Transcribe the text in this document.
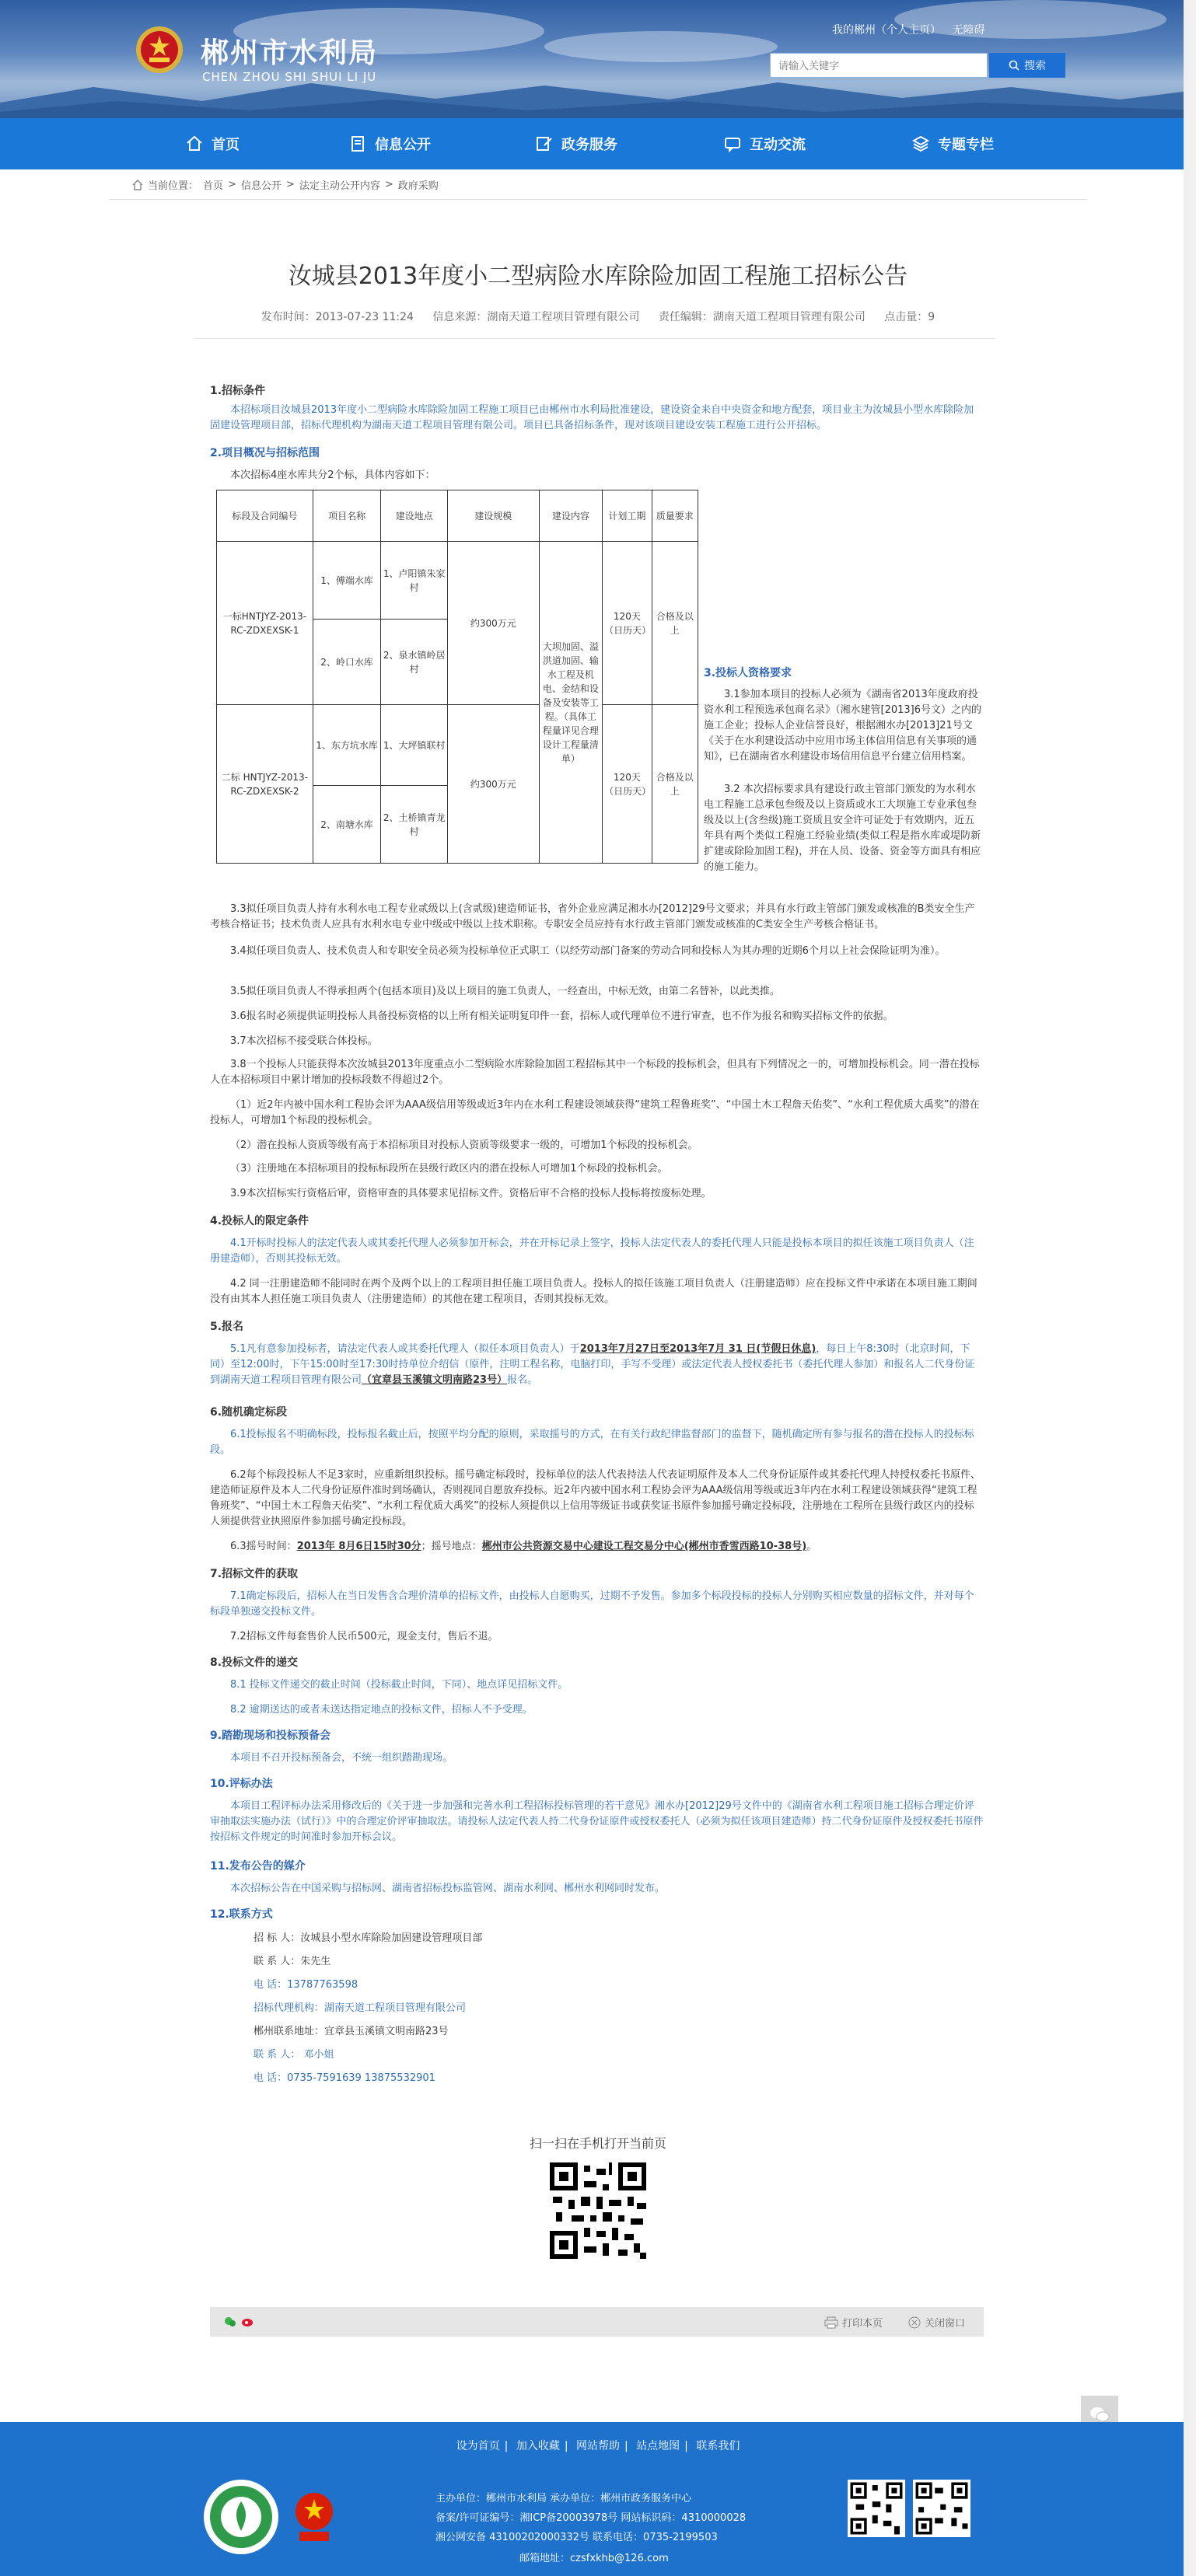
郴州市水利局
CHEN ZHOU SHI SHUI LI JU
我的郴州（个人主页） 无障碍
请输入关键字
搜索
首页	信息公开	政务服务	互动交流	专题专栏
当前位置： 首页 > 信息公开 > 法定主动公开内容 > 政府采购
汝城县2013年度小二型病险水库除险加固工程施工招标公告
发布时间：2013-07-23 11:24 信息来源：湖南天道工程项目管理有限公司 责任编辑：湖南天道工程项目管理有限公司 点击量：9
1.招标条件
本招标项目汝城县2013年度小二型病险水库除险加固工程施工项目已由郴州市水利局批准建设，建设资金来自中央资金和地方配套，项目业主为汝城县小型水库除险加固建设管理项目部，招标代理机构为湖南天道工程项目管理有限公司。项目已具备招标条件，现对该项目建设安装工程施工进行公开招标。
2.项目概况与招标范围
本次招标4座水库共分2个标，具体内容如下：
标段及合同编号	项目名称	建设地点	建设规模	建设内容	计划工期	质量要求
一标HNTJYZ-2013-RC-ZDXEXSK-1	1、傅端水库	1、卢阳镇朱家村	约300万元	大坝加固、溢洪道加固、输水工程及机电、金结和设备及安装等工程。（具体工程量详见合理设计工程量清单）	120天（日历天）	合格及以上
	2、岭口水库	2、泉水镇岭居村				
二标 HNTJYZ-2013-RC-ZDXEXSK-2	1、东方坑水库	1、大坪镇联村	约300万元		120天（日历天）	合格及以上
	2、南塘水库	2、土桥镇青龙村				
3.投标人资格要求
3.1参加本项目的投标人必须为《湖南省2013年度政府投资水利工程预选承包商名录》（湘水建管[2013]6号文）之内的施工企业；投标人企业信誉良好，根据湘水办[2013]21号文《关于在水利建设活动中应用市场主体信用信息有关事项的通知》，已在湖南省水利建设市场信用信息平台建立信用档案。
3.2 本次招标要求具有建设行政主管部门颁发的为水利水电工程施工总承包叁级及以上资质或水工大坝施工专业承包叁级及以上(含叁级)施工资质且安全许可证处于有效期内，近五年具有两个类似工程施工经验业绩(类似工程是指水库或堤防新扩建或除险加固工程)，并在人员、设备、资金等方面具有相应的施工能力。
3.3拟任项目负责人持有水利水电工程专业贰级以上(含贰级)建造师证书，省外企业应满足湘水办[2012]29号文要求；并具有水行政主管部门颁发或核准的B类安全生产考核合格证书；技术负责人应具有水利水电专业中级或中级以上技术职称。专职安全员应持有水行政主管部门颁发或核准的C类安全生产考核合格证书。
3.4拟任项目负责人、技术负责人和专职安全员必须为投标单位正式职工（以经劳动部门备案的劳动合同和投标人为其办理的近期6个月以上社会保险证明为准）。
3.5拟任项目负责人不得承担两个(包括本项目)及以上项目的施工负责人，一经查出，中标无效，由第二名替补，以此类推。
3.6报名时必须提供证明投标人具备投标资格的以上所有相关证明复印件一套，招标人或代理单位不进行审查，也不作为报名和购买招标文件的依据。
3.7本次招标不接受联合体投标。
3.8一个投标人只能获得本次汝城县2013年度重点小二型病险水库除险加固工程招标其中一个标段的投标机会，但具有下列情况之一的，可增加投标机会。同一潜在投标人在本招标项目中累计增加的投标段数不得超过2个。
（1）近2年内被中国水利工程协会评为AAA级信用等级或近3年内在水利工程建设领域获得“建筑工程鲁班奖”、“中国土木工程詹天佑奖”、“水利工程优质大禹奖”的潜在投标人，可增加1个标段的投标机会。
（2）潜在投标人资质等级有高于本招标项目对投标人资质等级要求一级的，可增加1个标段的投标机会。
（3）注册地在本招标项目的投标标段所在县级行政区内的潜在投标人可增加1个标段的投标机会。
3.9本次招标实行资格后审，资格审查的具体要求见招标文件。资格后审不合格的投标人投标将按废标处理。
4.投标人的限定条件
4.1开标时投标人的法定代表人或其委托代理人必须参加开标会，并在开标记录上签字，投标人法定代表人的委托代理人只能是投标本项目的拟任该施工项目负责人（注册建造师），否则其投标无效。
4.2 同一注册建造师不能同时在两个及两个以上的工程项目担任施工项目负责人。投标人的拟任该施工项目负责人（注册建造师）应在投标文件中承诺在本项目施工期间没有由其本人担任施工项目负责人（注册建造师）的其他在建工程项目，否则其投标无效。
5.报名
5.1凡有意参加投标者，请法定代表人或其委托代理人（拟任本项目负责人）于2013年7月27日至2013年7月 31 日(节假日休息)，每日上午8:30时（北京时间，下同）至12:00时，下午15:00时至17:30时持单位介绍信（原件，注明工程名称，电脑打印，手写不受理）或法定代表人授权委托书（委托代理人参加）和报名人二代身份证到湖南天道工程项目管理有限公司（宜章县玉溪镇文明南路23号）报名。
6.随机确定标段
6.1投标报名不明确标段，投标报名截止后，按照平均分配的原则，采取摇号的方式，在有关行政纪律监督部门的监督下，随机确定所有参与报名的潜在投标人的投标标段。
6.2每个标段投标人不足3家时，应重新组织投标。摇号确定标段时，投标单位的法人代表持法人代表证明原件及本人二代身份证原件或其委托代理人持授权委托书原件、建造师证原件及本人二代身份证原件准时到场确认，否则视同自愿放弃投标。近2年内被中国水利工程协会评为AAA级信用等级或近3年内在水利工程建设领域获得“建筑工程鲁班奖”、“中国土木工程詹天佑奖”、“水利工程优质大禹奖”的投标人须提供以上信用等级证书或获奖证书原件参加摇号确定投标段，注册地在工程所在县级行政区内的投标人须提供营业执照原件参加摇号确定投标段。
6.3摇号时间：2013年 8月6日15时30分；摇号地点：郴州市公共资源交易中心建设工程交易分中心(郴州市香雪西路10-38号)。
7.招标文件的获取
7.1确定标段后，招标人在当日发售含合理价清单的招标文件，由投标人自愿购买，过期不予发售。参加多个标段投标的投标人分别购买相应数量的招标文件，并对每个标段单独递交投标文件。
7.2招标文件每套售价人民币500元，现金支付，售后不退。
8.投标文件的递交
8.1 投标文件递交的截止时间（投标截止时间，下同）、地点详见招标文件。
8.2 逾期送达的或者未送达指定地点的投标文件，招标人不予受理。
9.踏勘现场和投标预备会
本项目不召开投标预备会，不统一组织踏勘现场。
10.评标办法
本项目工程评标办法采用修改后的《关于进一步加强和完善水利工程招标投标管理的若干意见》湘水办[2012]29号文件中的《湖南省水利工程项目施工招标合理定价评审抽取法实施办法（试行）》中的合理定价评审抽取法。请投标人法定代表人持二代身份证原件或授权委托人（必须为拟任该项目建造师）持二代身份证原件及授权委托书原件按招标文件规定的时间准时参加开标会议。
11.发布公告的媒介
本次招标公告在中国采购与招标网、湖南省招标投标监管网、湖南水利网、郴州水利网同时发布。
12.联系方式
招 标 人：汝城县小型水库除险加固建设管理项目部
联 系 人：朱先生
电 话：13787763598
招标代理机构：湖南天道工程项目管理有限公司
郴州联系地址：宜章县玉溪镇文明南路23号
联 系 人： 邓小姐
电 话：0735-7591639 13875532901
扫一扫在手机打开当前页
打印本页	关闭窗口
设为首页 | 加入收藏 | 网站帮助 | 站点地图 | 联系我们
主办单位：郴州市水利局 承办单位：郴州市政务服务中心
备案/许可证编号：湘ICP备20003978号 网站标识码：4310000028
湘公网安备 43100202000332号 联系电话：0735-2199503
邮箱地址：czsfxkhb@126.com
